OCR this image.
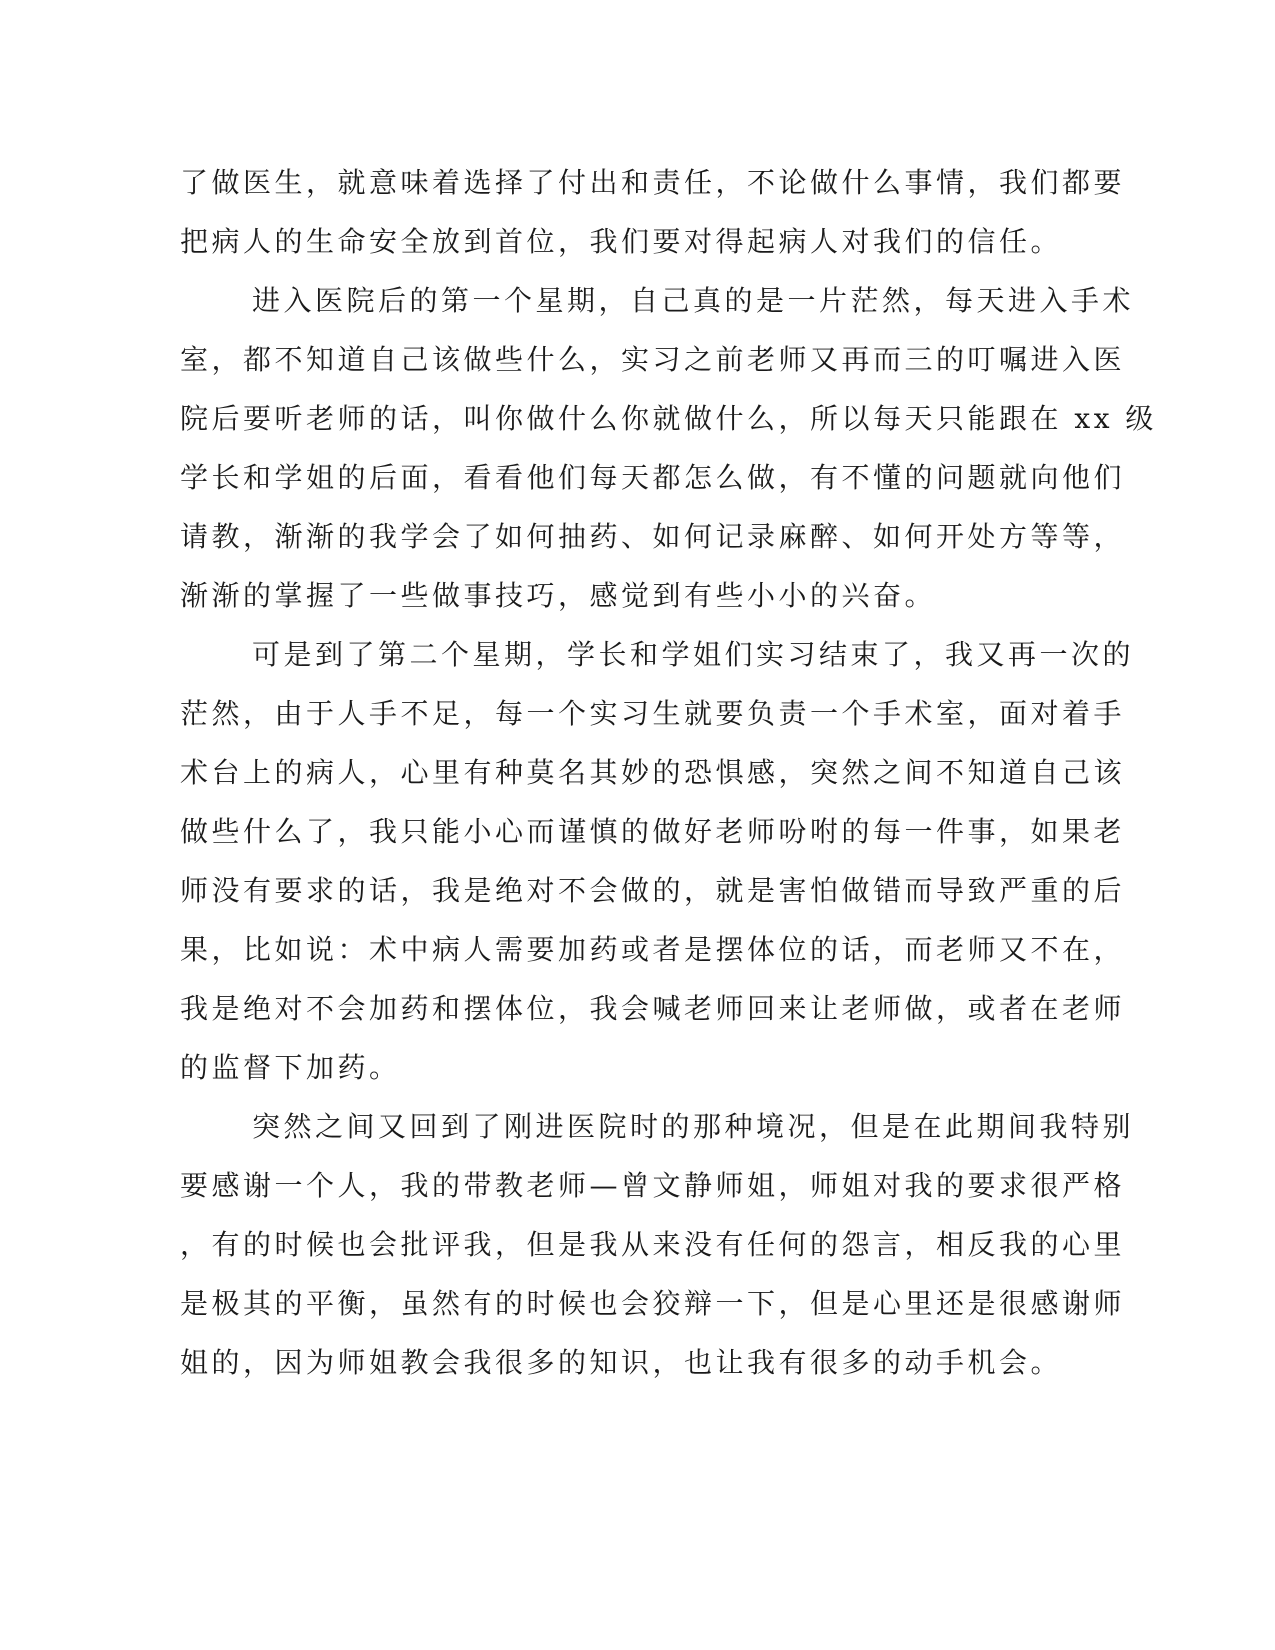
了做医生，就意味着选择了付出和责任，不论做什么事情，我们都要
把病人的生命安全放到首位，我们要对得起病人对我们的信任。
进入医院后的第一个星期，自己真的是一片茫然，每天进入手术
室，都不知道自己该做些什么，实习之前老师又再而三的叮嘱进入医
院后要听老师的话，叫你做什么你就做什么，所以每天只能跟在 xx 级
学长和学姐的后面，看看他们每天都怎么做，有不懂的问题就向他们
请教，渐渐的我学会了如何抽药、如何记录麻醉、如何开处方等等，
渐渐的掌握了一些做事技巧，感觉到有些小小的兴奋。
可是到了第二个星期，学长和学姐们实习结束了，我又再一次的
茫然，由于人手不足，每一个实习生就要负责一个手术室，面对着手
术台上的病人，心里有种莫名其妙的恐惧感，突然之间不知道自己该
做些什么了，我只能小心而谨慎的做好老师吩咐的每一件事，如果老
师没有要求的话，我是绝对不会做的，就是害怕做错而导致严重的后
果，比如说：术中病人需要加药或者是摆体位的话，而老师又不在，
我是绝对不会加药和摆体位，我会喊老师回来让老师做，或者在老师
的监督下加药。
突然之间又回到了刚进医院时的那种境况，但是在此期间我特别
要感谢一个人，我的带教老师—曾文静师姐，师姐对我的要求很严格
，有的时候也会批评我，但是我从来没有任何的怨言，相反我的心里
是极其的平衡，虽然有的时候也会狡辩一下，但是心里还是很感谢师
姐的，因为师姐教会我很多的知识，也让我有很多的动手机会。
